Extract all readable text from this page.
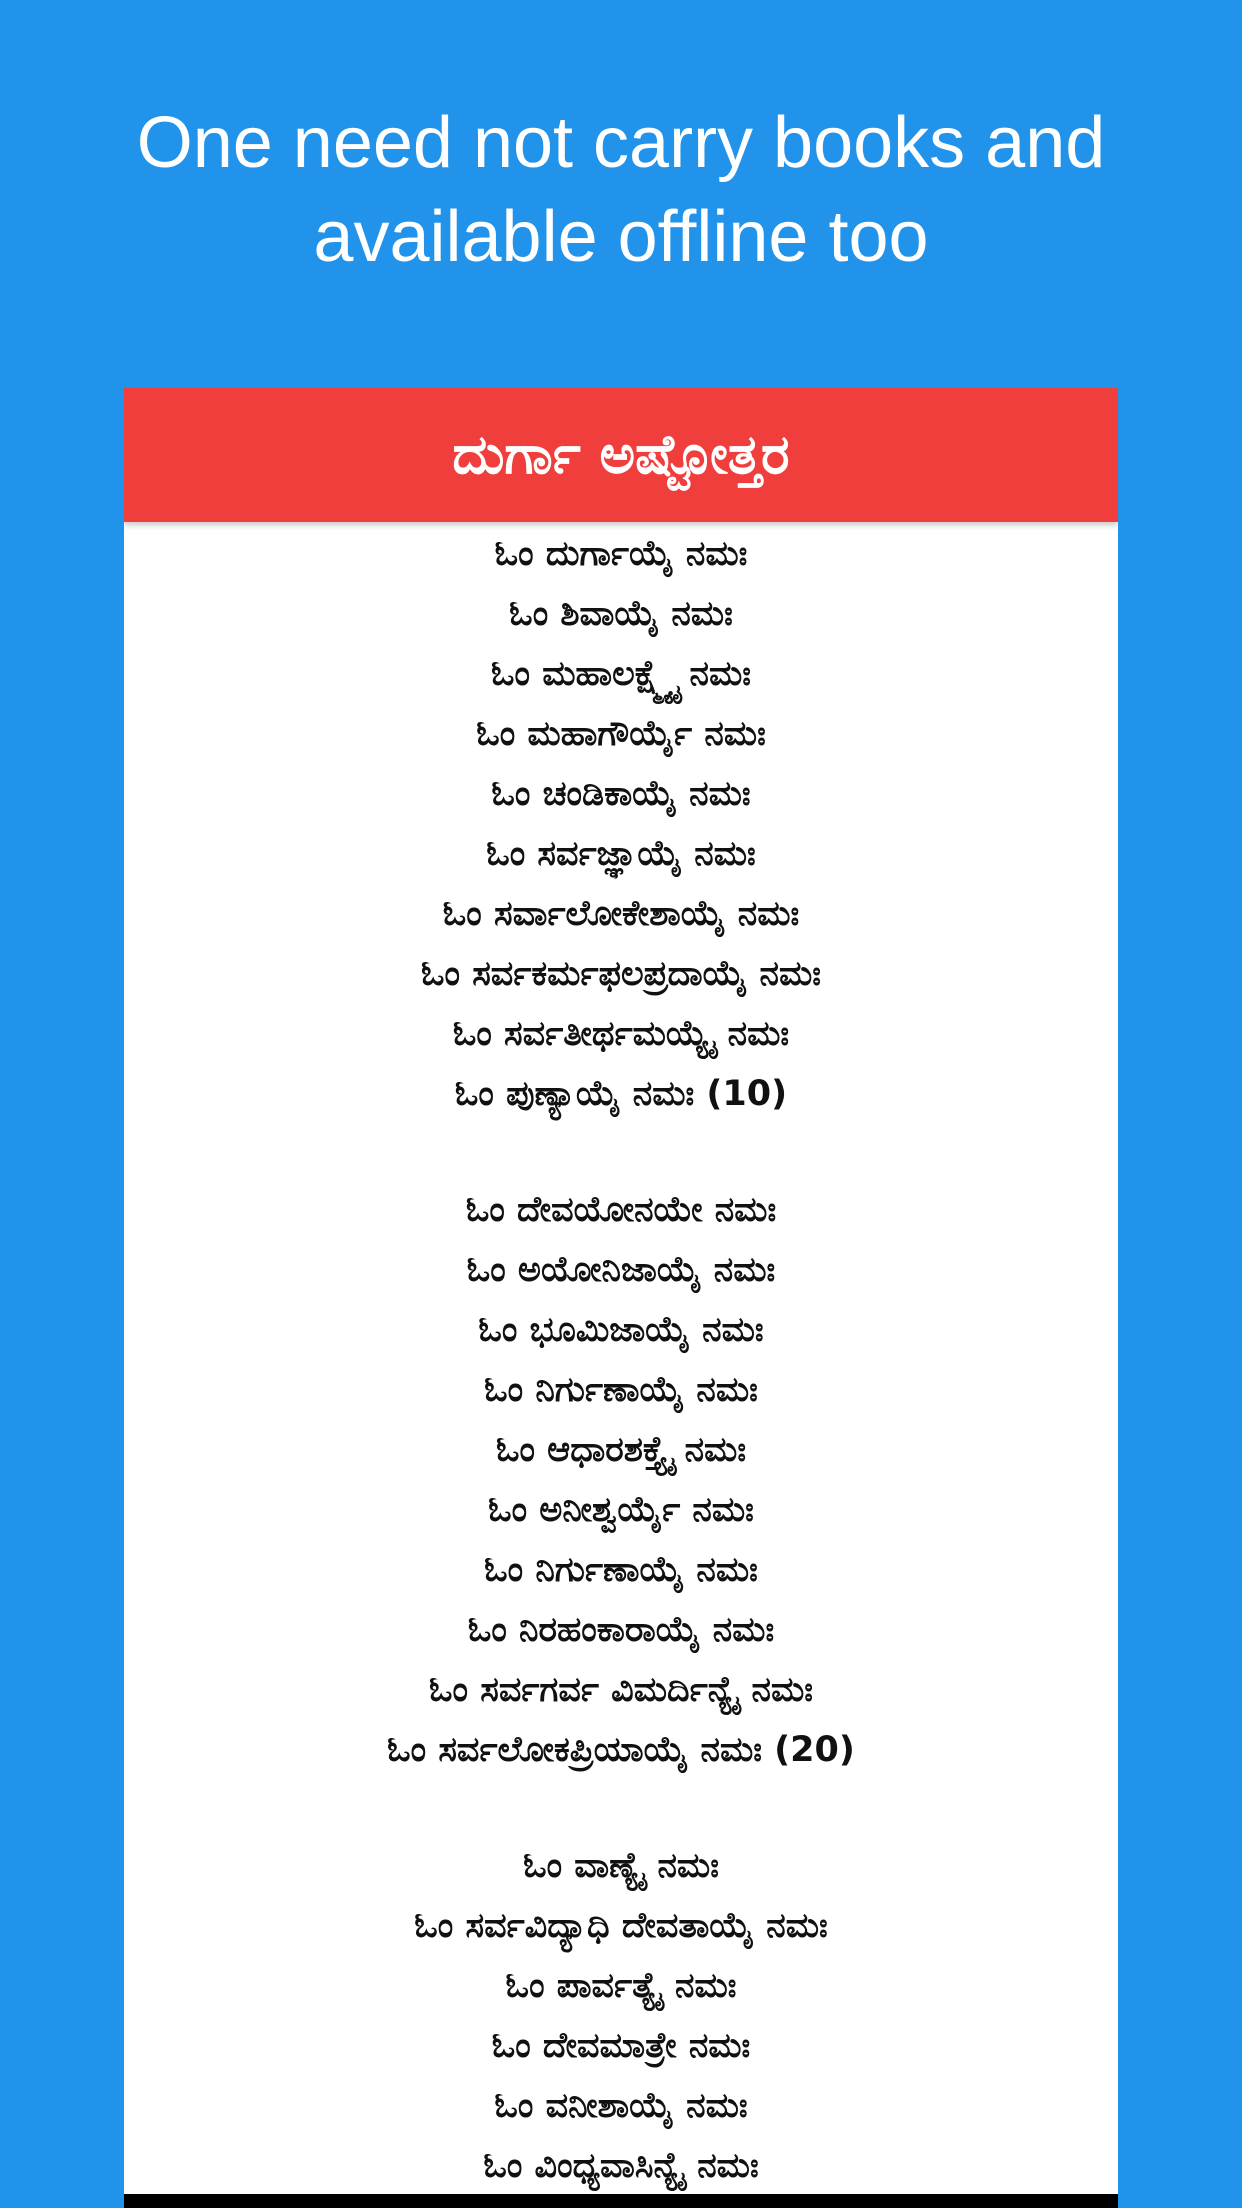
One need not carry books and
available offline too
ದುರ್ಗಾ ಅಷ್ಟೋತ್ತರ
ಓಂ ದುರ್ಗಾಯೈ ನಮಃ
ಓಂ ಶಿವಾಯೈ ನಮಃ
ಓಂ ಮಹಾಲಕ್ಷ್ಮ್ಯೈ ನಮಃ
ಓಂ ಮಹಾಗೌರ್ಯೈ ನಮಃ
ಓಂ ಚಂಡಿಕಾಯೈ ನಮಃ
ಓಂ ಸರ್ವಜ್ಞಾಯೈ ನಮಃ
ಓಂ ಸರ್ವಾಲೋಕೇಶಾಯೈ ನಮಃ
ಓಂ ಸರ್ವಕರ್ಮಫಲಪ್ರದಾಯೈ ನಮಃ
ಓಂ ಸರ್ವತೀರ್ಥಮಯ್ಯೈ ನಮಃ
ಓಂ ಪುಣ್ಯಾಯೈ ನಮಃ (10)
ಓಂ ದೇವಯೋನಯೇ ನಮಃ
ಓಂ ಅಯೋನಿಜಾಯೈ ನಮಃ
ಓಂ ಭೂಮಿಜಾಯೈ ನಮಃ
ಓಂ ನಿರ್ಗುಣಾಯೈ ನಮಃ
ಓಂ ಆಧಾರಶಕ್ತ್ಯೈ ನಮಃ
ಓಂ ಅನೀಶ್ವರ್ಯೈ ನಮಃ
ಓಂ ನಿರ್ಗುಣಾಯೈ ನಮಃ
ಓಂ ನಿರಹಂಕಾರಾಯೈ ನಮಃ
ಓಂ ಸರ್ವಗರ್ವ ವಿಮರ್ದಿನ್ಯೈ ನಮಃ
ಓಂ ಸರ್ವಲೋಕಪ್ರಿಯಾಯೈ ನಮಃ (20)
ಓಂ ವಾಣ್ಯೈ ನಮಃ
ಓಂ ಸರ್ವವಿದ್ಯಾಧಿ ದೇವತಾಯೈ ನಮಃ
ಓಂ ಪಾರ್ವತ್ಯೈ ನಮಃ
ಓಂ ದೇವಮಾತ್ರೇ ನಮಃ
ಓಂ ವನೀಶಾಯೈ ನಮಃ
ಓಂ ವಿಂಧ್ಯವಾಸಿನ್ಯೈ ನಮಃ
